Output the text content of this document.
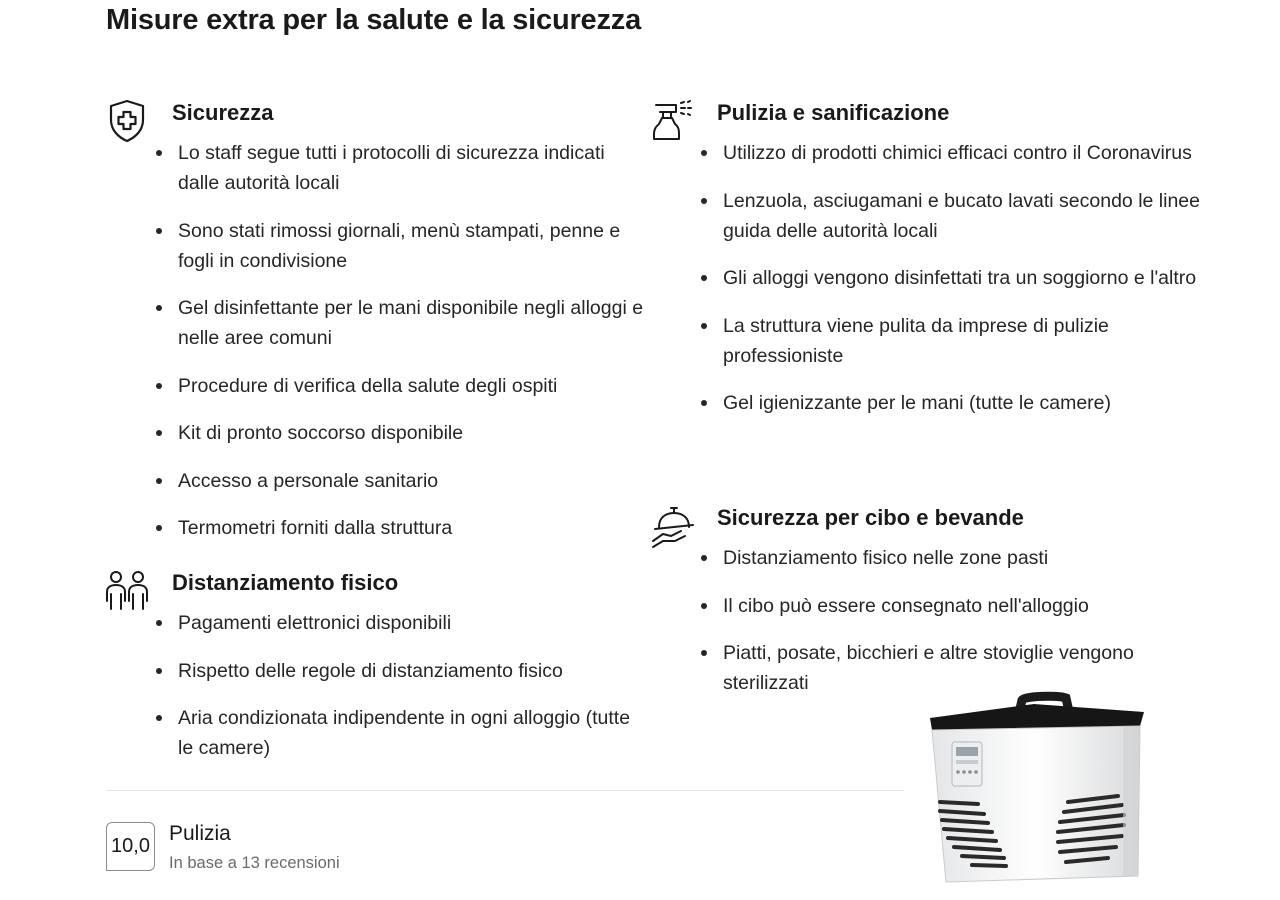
Misure extra per la salute e la sicurezza
Sicurezza
Lo staff segue tutti i protocolli di sicurezza indicati dalle autorità locali
Sono stati rimossi giornali, menù stampati, penne e fogli in condivisione
Gel disinfettante per le mani disponibile negli alloggi e nelle aree comuni
Procedure di verifica della salute degli ospiti
Kit di pronto soccorso disponibile
Accesso a personale sanitario
Termometri forniti dalla struttura
Distanziamento fisico
Pagamenti elettronici disponibili
Rispetto delle regole di distanziamento fisico
Aria condizionata indipendente in ogni alloggio (tutte le camere)
Pulizia e sanificazione
Utilizzo di prodotti chimici efficaci contro il Coronavirus
Lenzuola, asciugamani e bucato lavati secondo le linee guida delle autorità locali
Gli alloggi vengono disinfettati tra un soggiorno e l'altro
La struttura viene pulita da imprese di pulizie professioniste
Gel igienizzante per le mani (tutte le camere)
Sicurezza per cibo e bevande
Distanziamento fisico nelle zone pasti
Il cibo può essere consegnato nell'alloggio
Piatti, posate, bicchieri e altre stoviglie vengono sterilizzati
10,0
Pulizia
In base a 13 recensioni
